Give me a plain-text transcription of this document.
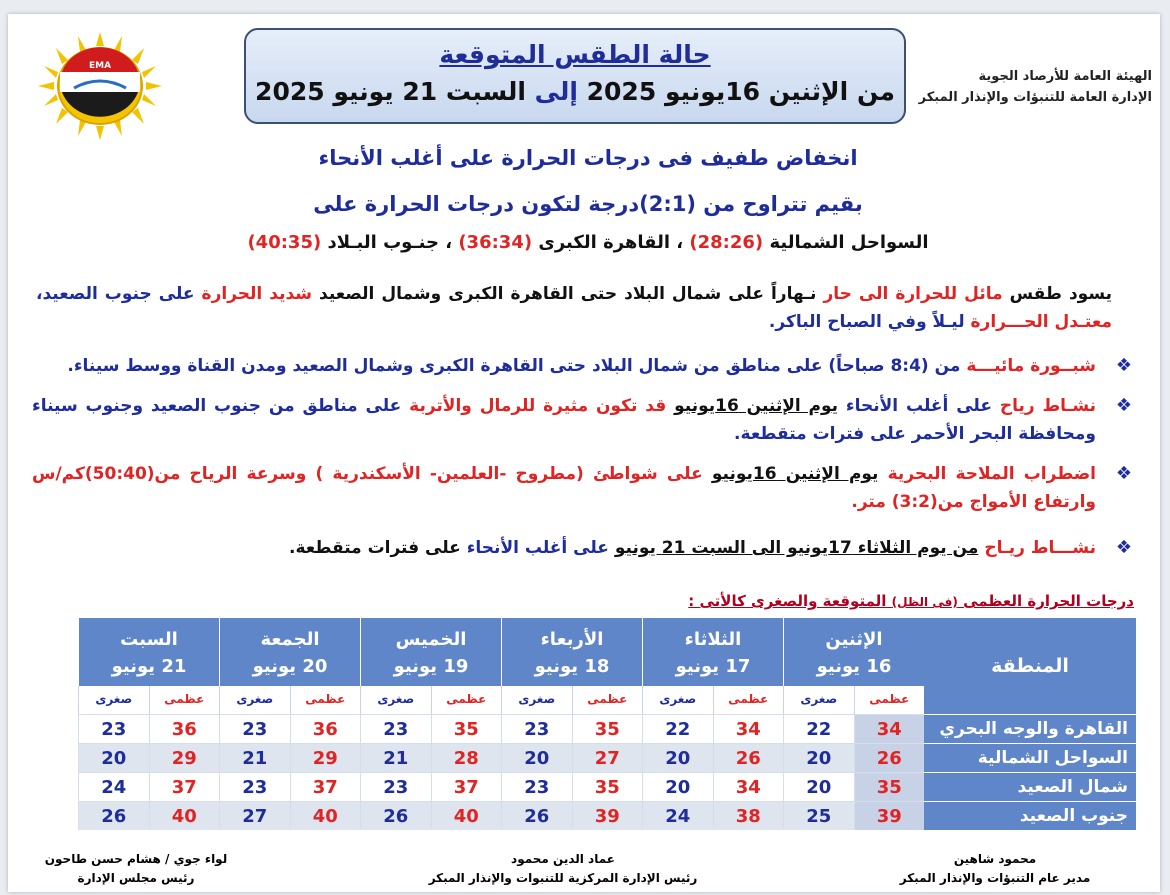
EMA	حالة الطقس المتوقعة
من الإثنين 16يونيو 2025 إلى السبت 21 يونيو 2025
الهيئة العامة للأرصاد الجوية
الإدارة العامة للتنبؤات والإنذار المبكر
انخفاض طفيف فى درجات الحرارة على أغلب الأنحاء
بقيم تتراوح من (2:1)درجة لتكون درجات الحرارة على
السواحل الشمالية (28:26) ، القاهرة الكبرى (36:34) ، جنـوب البـلاد (40:35)
يسود طقس مائل للحرارة الى حار نـهاراً على شمال البلاد حتى القاهرة الكبرى وشمال الصعيد شديد الحرارة على جنوب الصعيد، معتـدل الحـــرارة ليـلاً وفي الصباح الباكر.
❖
شبــورة مائيـــة من (8:4 صباحاً) على مناطق من شمال البلاد حتى القاهرة الكبرى وشمال الصعيد ومدن القناة ووسط سيناء.
❖
نشـاط رياح على أغلب الأنحاء يوم الإثنين 16يونيو قد تكون مثيرة للرمال والأتربة على مناطق من جنوب الصعيد وجنوب سيناء ومحافظة البحر الأحمر على فترات متقطعة.
❖
اضطراب الملاحة البحرية يوم الإثنين 16يونيو على شواطئ (مطروح -العلمين- الأسكندرية ) وسرعة الرياح من(50:40)كم/س وارتفاع الأمواج من(3:2) متر.
❖
نشـــاط ريـاح من يوم الثلاثاء 17يونيو الى السبت 21 يونيو على أغلب الأنحاء على فترات متقطعة.
درجات الحرارة العظمى (فى الظل) المتوقعة والصغرى كالأتى :
المنطقة
الإثنين
16 يونيو
الثلاثاء
17 يونيو
الأربعاء
18 يونيو
الخميس
19 يونيو
الجمعة
20 يونيو
السبت
21 يونيو
عظمى
صغرى
عظمى
صغرى
عظمى
صغرى
عظمى
صغرى
عظمى
صغرى
عظمى
صغرى
القاهرة والوجه البحري
34
22
34
22
35
23
35
23
36
23
36
23
السواحل الشمالية
26
20
26
20
27
20
28
21
29
21
29
20
شمال الصعيد
35
20
34
20
35
23
37
23
37
23
37
24
جنوب الصعيد
39
25
38
24
39
26
40
26
40
27
40
26
محمود شاهين
مدير عام التنبؤات والإنذار المبكر
عماد الدين محمود
رئيس الإدارة المركزية للتنبوات والإنذار المبكر
لواء جوي / هشام حسن طاحون
رئيس مجلس الإدارة
